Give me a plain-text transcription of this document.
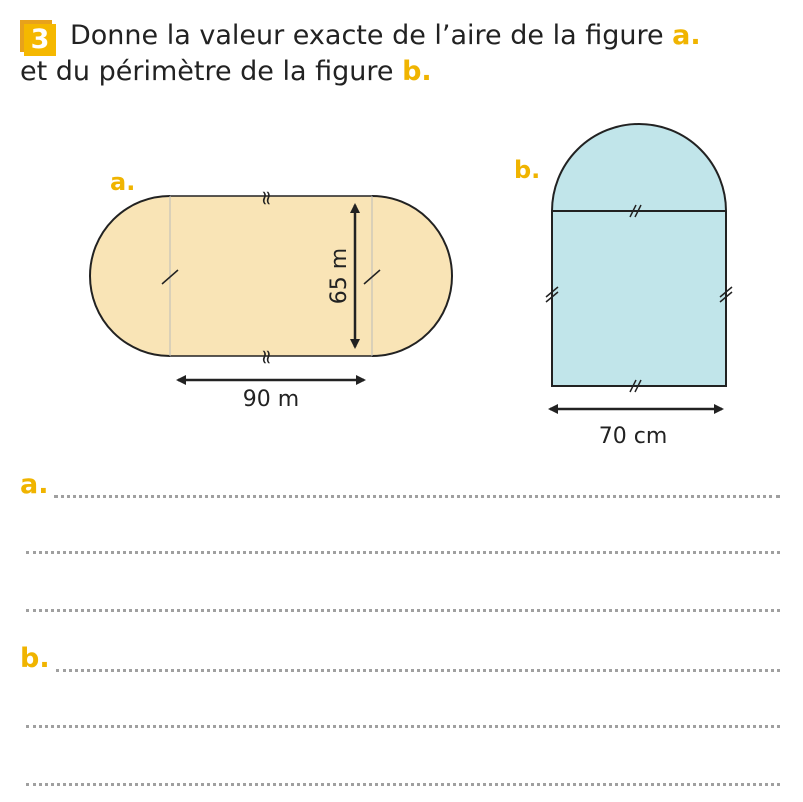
3 Donne la valeur exacte de l’aire de la figure a.
et du périmètre de la figure b.

a.
≈
≈
65 m
90 m
b.
70 cm
a.
b.
